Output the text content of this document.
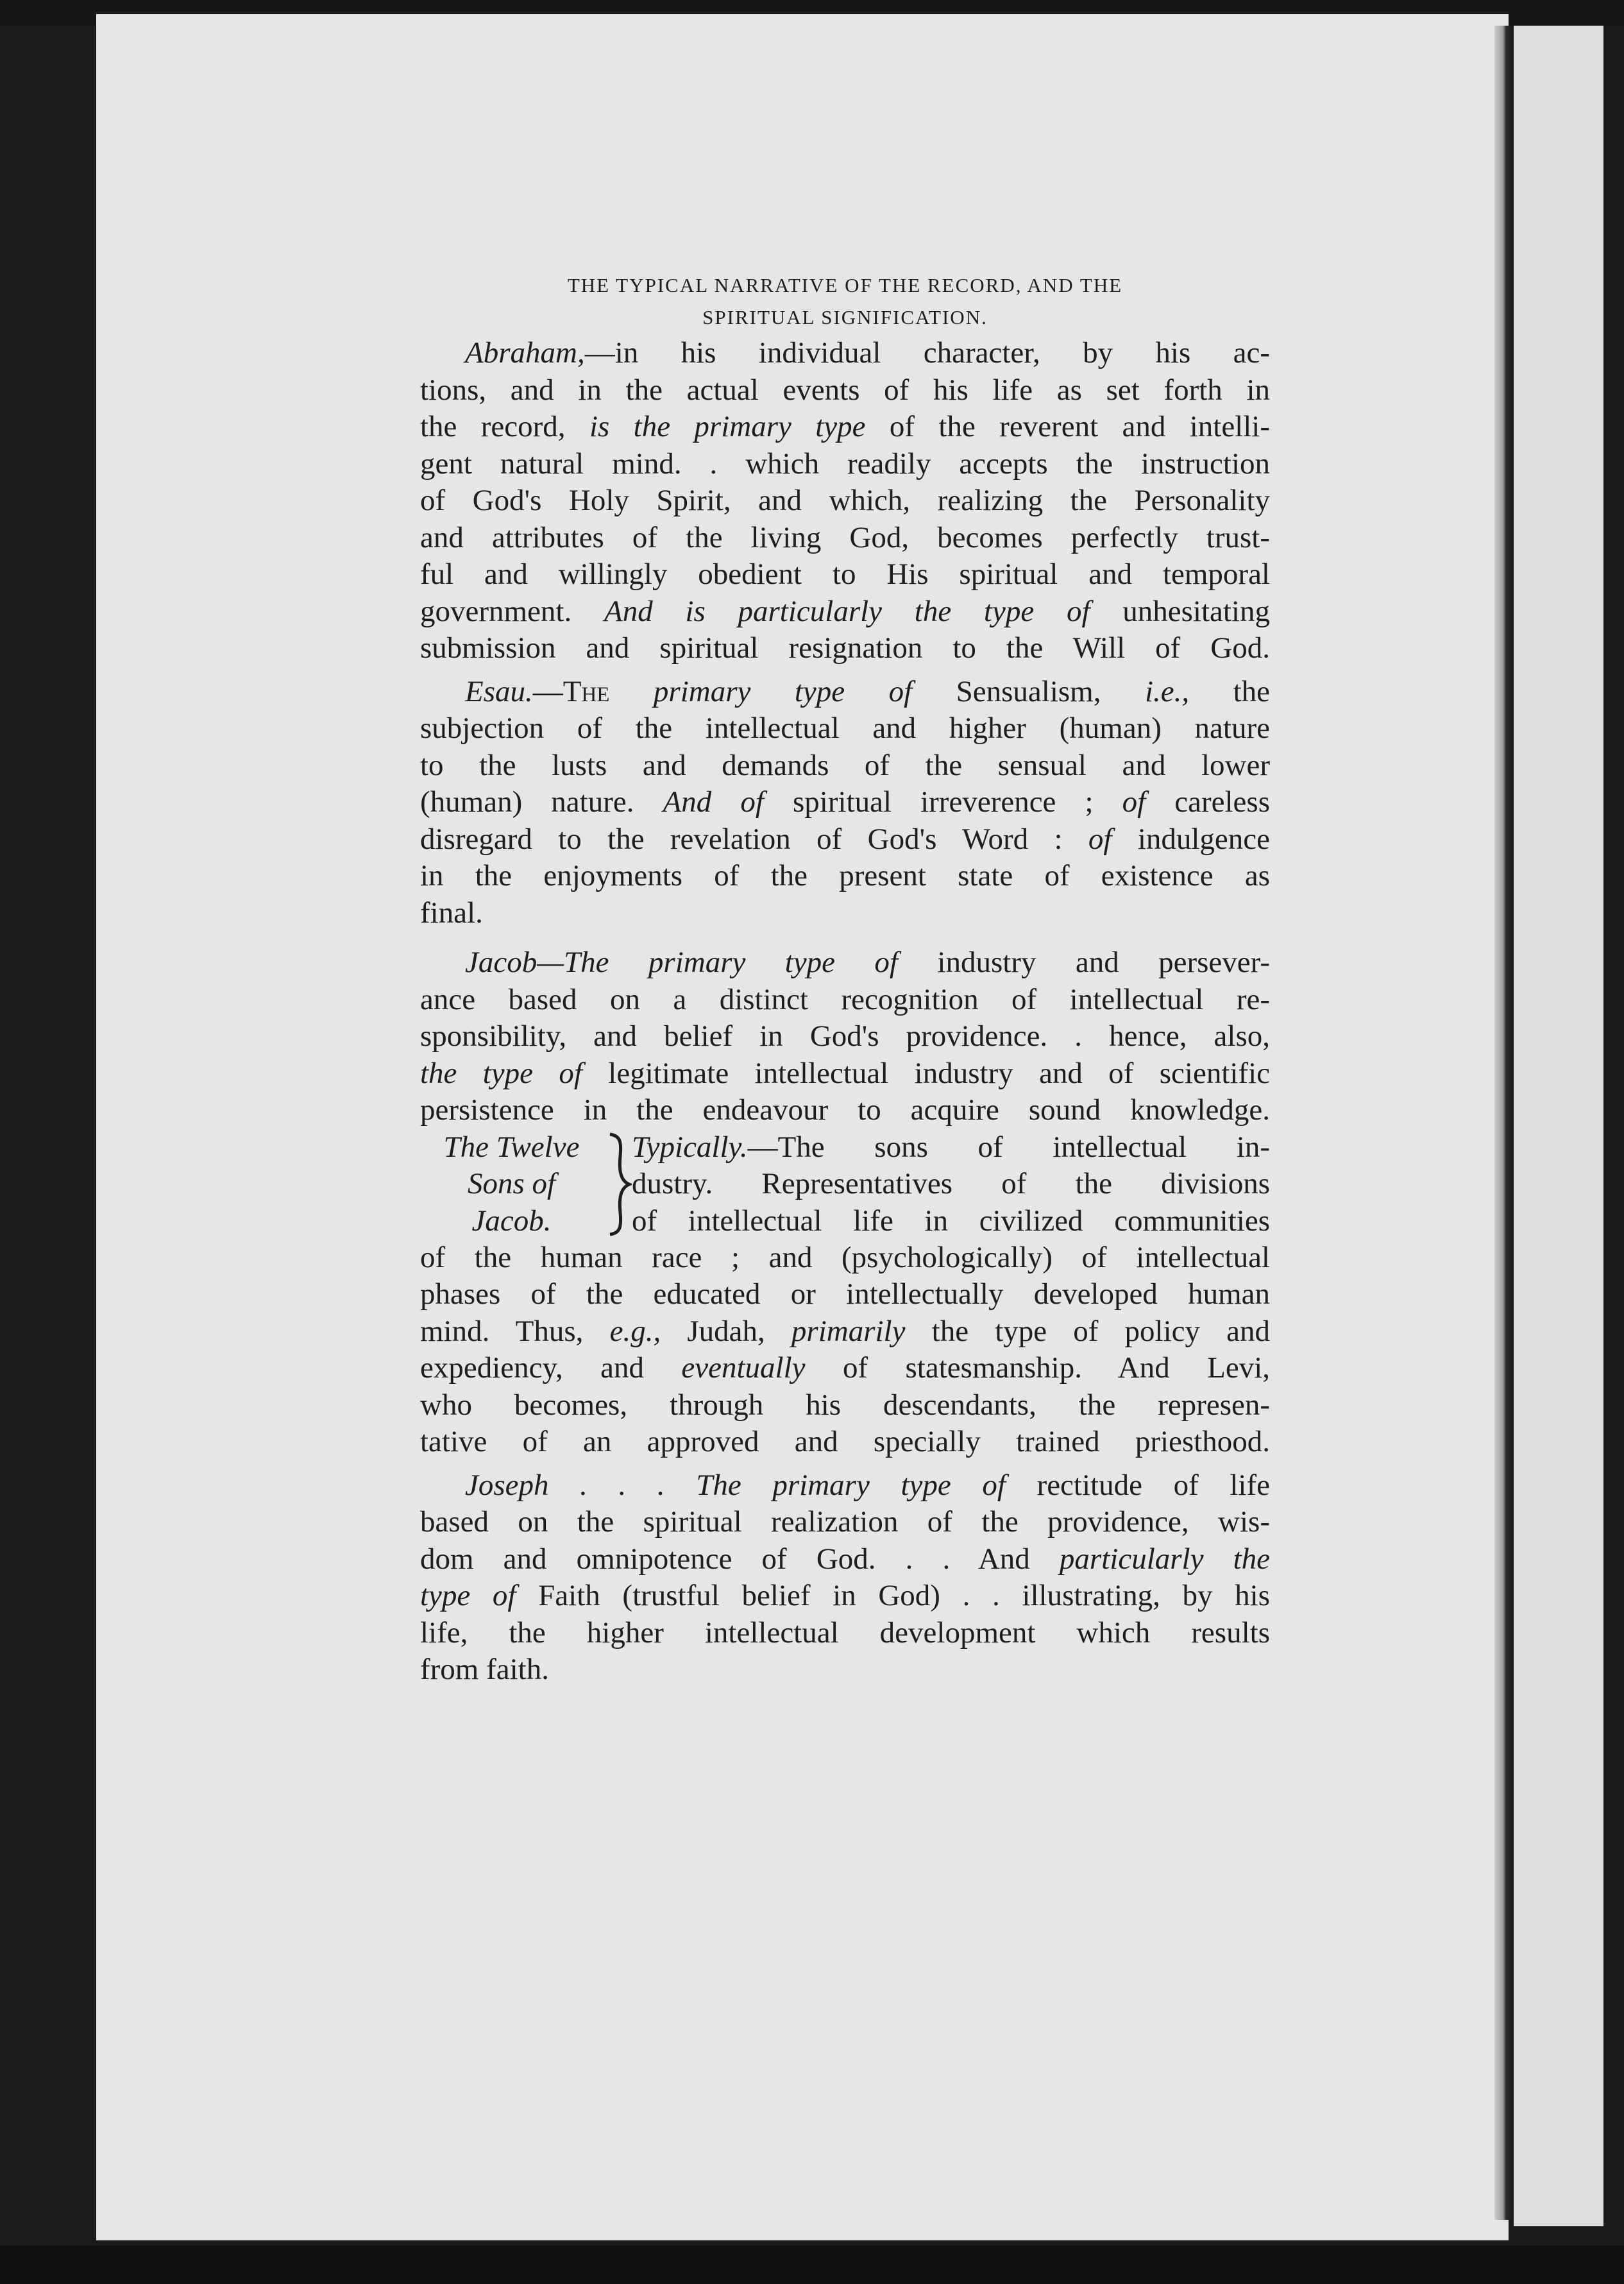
THE TYPICAL NARRATIVE OF THE RECORD, AND THE
SPIRITUAL SIGNIFICATION.
Abraham,—in his individual character, by his ac-
tions, and in the actual events of his life as set forth in
the record, is the primary type of the reverent and intelli-
gent natural mind. . which readily accepts the instruction
of God's Holy Spirit, and which, realizing the Personality
and attributes of the living God, becomes perfectly trust-
ful and willingly obedient to His spiritual and temporal
government. And is particularly the type of unhesitating
submission and spiritual resignation to the Will of God.
Esau.—The primary type of Sensualism, i.e., the
subjection of the intellectual and higher (human) nature
to the lusts and demands of the sensual and lower
(human) nature. And of spiritual irreverence ; of careless
disregard to the revelation of God's Word : of indulgence
in the enjoyments of the present state of existence as
final.
Jacob—The primary type of industry and persever-
ance based on a distinct recognition of intellectual re-
sponsibility, and belief in God's providence. . hence, also,
the type of legitimate intellectual industry and of scientific
persistence in the endeavour to acquire sound knowledge.
The Twelve
Sons of
Jacob.
Typically.—The sons of intellectual in-
dustry. Representatives of the divisions
of intellectual life in civilized communities
of the human race ; and (psychologically) of intellectual
phases of the educated or intellectually developed human
mind. Thus, e.g., Judah, primarily the type of policy and
expediency, and eventually of statesmanship. And Levi,
who becomes, through his descendants, the represen-
tative of an approved and specially trained priesthood.
Joseph . . . The primary type of rectitude of life
based on the spiritual realization of the providence, wis-
dom and omnipotence of God. . . And particularly the
type of Faith (trustful belief in God) . . illustrating, by his
life, the higher intellectual development which results
from faith.
